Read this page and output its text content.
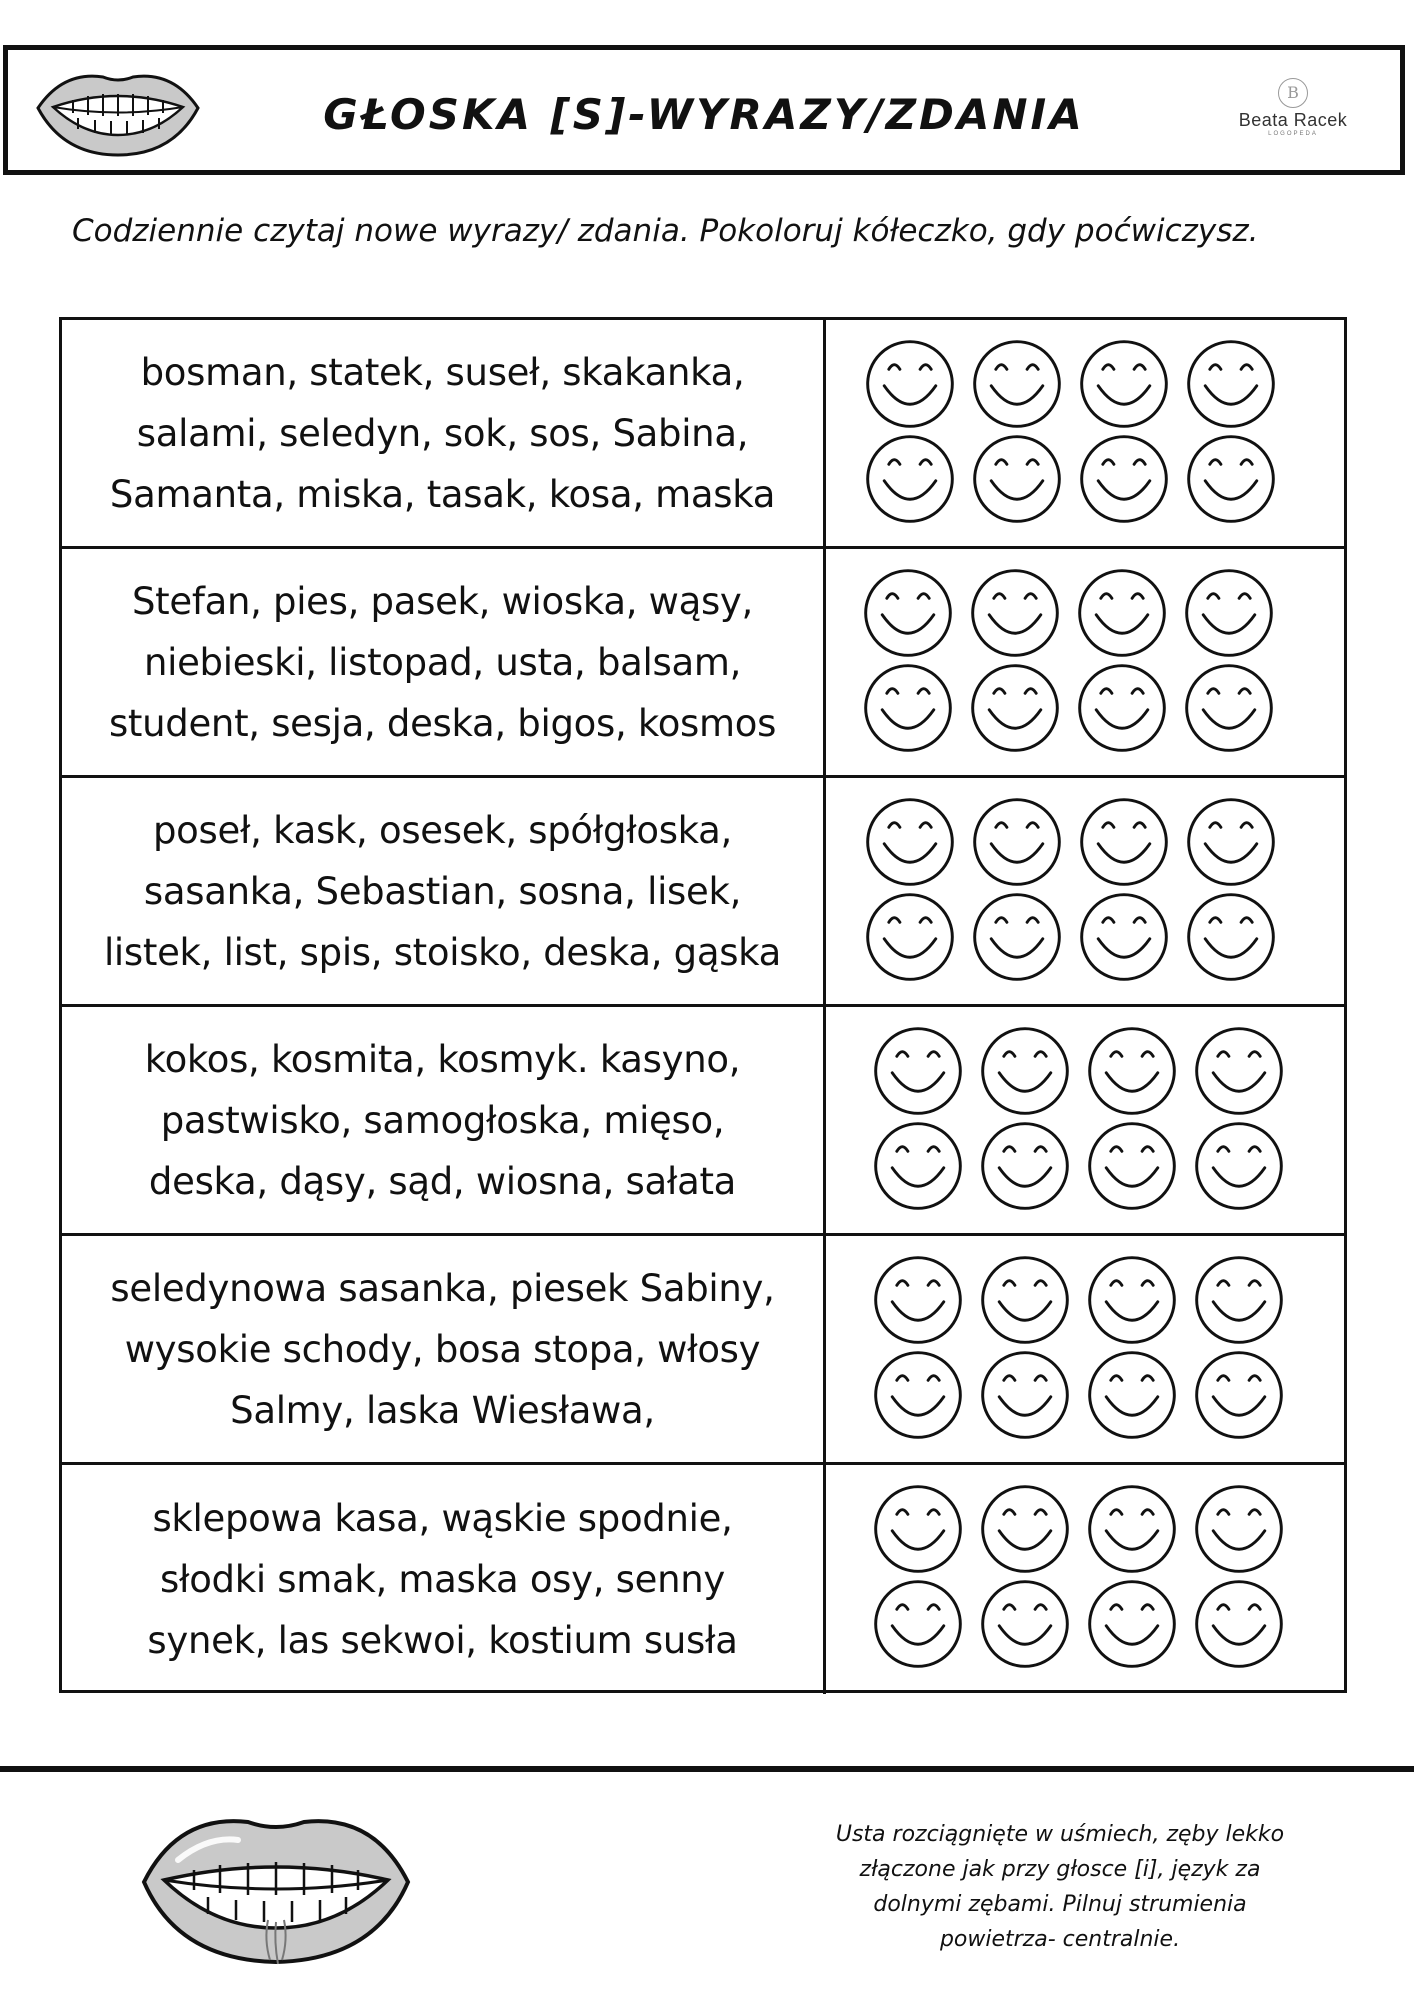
GŁOSKA [S]-WYRAZY/ZDANIA	B
Beata Racek
LOGOPEDA
Codziennie czytaj nowe wyrazy/ zdania. Pokoloruj kółeczko, gdy poćwiczysz.
bosman, statek, suseł, skakanka,
salami, seledyn, sok, sos, Sabina,
Samanta, miska, tasak, kosa, maska
Stefan, pies, pasek, wioska, wąsy,
niebieski, listopad, usta, balsam,
student, sesja, deska, bigos, kosmos
poseł, kask, osesek, spółgłoska,
sasanka, Sebastian, sosna, lisek,
listek, list, spis, stoisko, deska, gąska
kokos, kosmita, kosmyk. kasyno,
pastwisko, samogłoska, mięso,
deska, dąsy, sąd, wiosna, sałata
seledynowa sasanka, piesek Sabiny,
wysokie schody, bosa stopa, włosy
Salmy, laska Wiesława,
sklepowa kasa, wąskie spodnie,
słodki smak, maska osy, senny
synek, las sekwoi, kostium susła
Usta rozciągnięte w uśmiech, zęby lekko
złączone jak przy głosce [i], język za
dolnymi zębami. Pilnuj strumienia
powietrza- centralnie.
